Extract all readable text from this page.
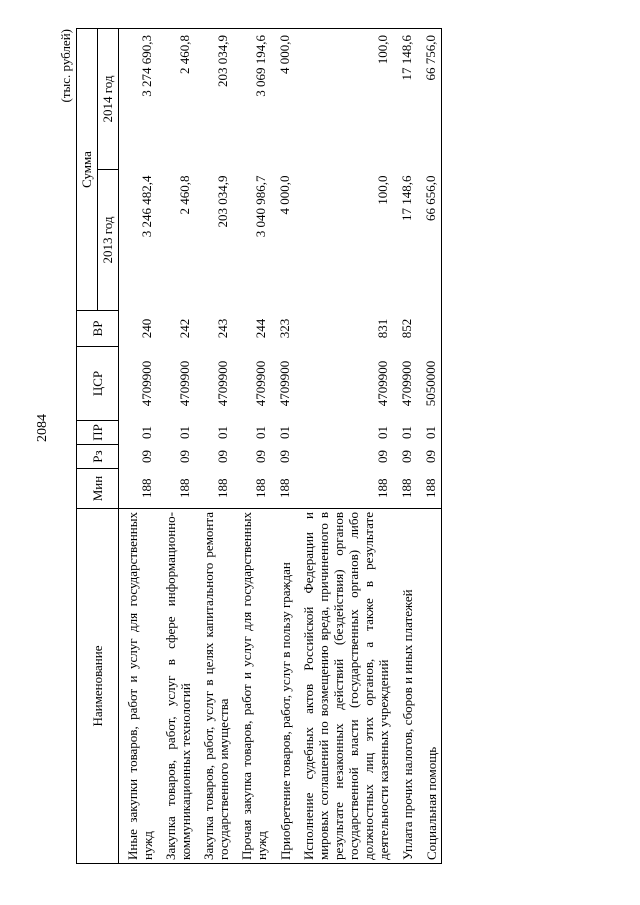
2084
(тыс. рублей)
Наименование	Мин	Рз	ПР	ЦСР	ВР	Сумма	
						2013 год	2014 год
Иные закупки товаров, работ и услуг для государственных нужд	188	09	01	4709900	240	3 246 482,4	3 274 690,3
Закупка товаров, работ, услуг в сфере информационно-коммуникационных технологий	188	09	01	4709900	242	2 460,8	2 460,8
Закупка товаров, работ, услуг в целях капитального ремонта государственного имущества	188	09	01	4709900	243	203 034,9	203 034,9
Прочая закупка товаров, работ и услуг для государственных нужд	188	09	01	4709900	244	3 040 986,7	3 069 194,6
Приобретение товаров, работ, услуг в пользу граждан	188	09	01	4709900	323	4 000,0	4 000,0
Исполнение судебных актов Российской Федерации и мировых соглашений по возмещению вреда, причиненного в результате незаконных действий (бездействия) органов государственной власти (государственных органов) либо должностных лиц этих органов, а также в результате деятельности казенных учреждений	188	09	01	4709900	831	100,0	100,0
Уплата прочих налогов, сборов и иных платежей	188	09	01	4709900	852	17 148,6	17 148,6
Социальная помощь	188	09	01	5050000		66 656,0	66 756,0
